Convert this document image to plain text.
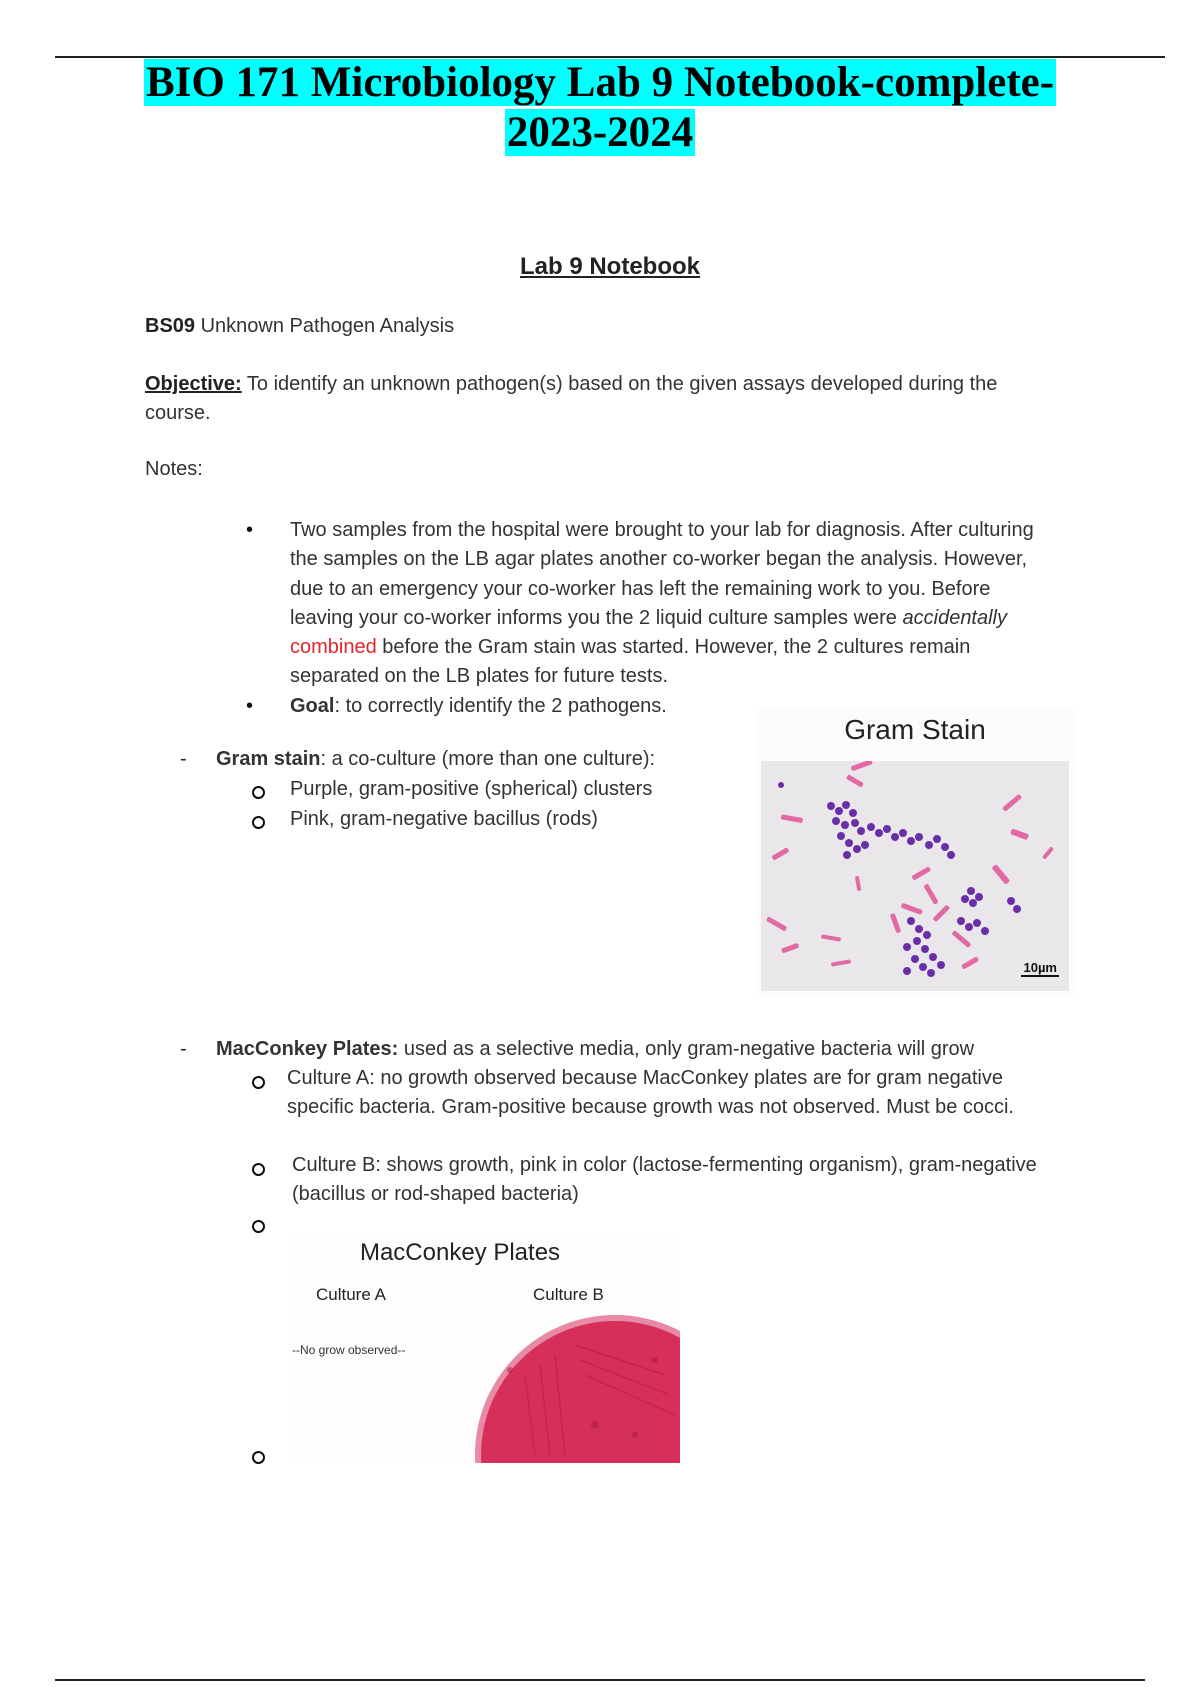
BIO 171 Microbiology Lab 9 Notebook-complete-
2023-2024
Lab 9 Notebook
BS09 Unknown Pathogen Analysis
Objective: To identify an unknown pathogen(s) based on the given assays developed during the
course.
Notes:
• Two samples from the hospital were brought to your lab for diagnosis. After culturing the samples on the LB agar plates another co-worker began the analysis. However, due to an emergency your co-worker has left the remaining work to you. Before leaving your co-worker informs you the 2 liquid culture samples were accidentally combined before the Gram stain was started. However, the 2 cultures remain separated on the LB plates for future tests.
• Goal: to correctly identify the 2 pathogens.
- Gram stain: a co-culture (more than one culture):
Purple, gram-positive (spherical) clusters
Pink, gram-negative bacillus (rods)
Gram Stain
10µm
- MacConkey Plates: used as a selective media, only gram-negative bacteria will grow
Culture A: no growth observed because MacConkey plates are for gram negative specific bacteria. Gram-positive because growth was not observed. Must be cocci.
Culture B: shows growth, pink in color (lactose-fermenting organism), gram-negative (bacillus or rod-shaped bacteria)
MacConkey Plates
Culture A	Culture B
--No grow observed--
